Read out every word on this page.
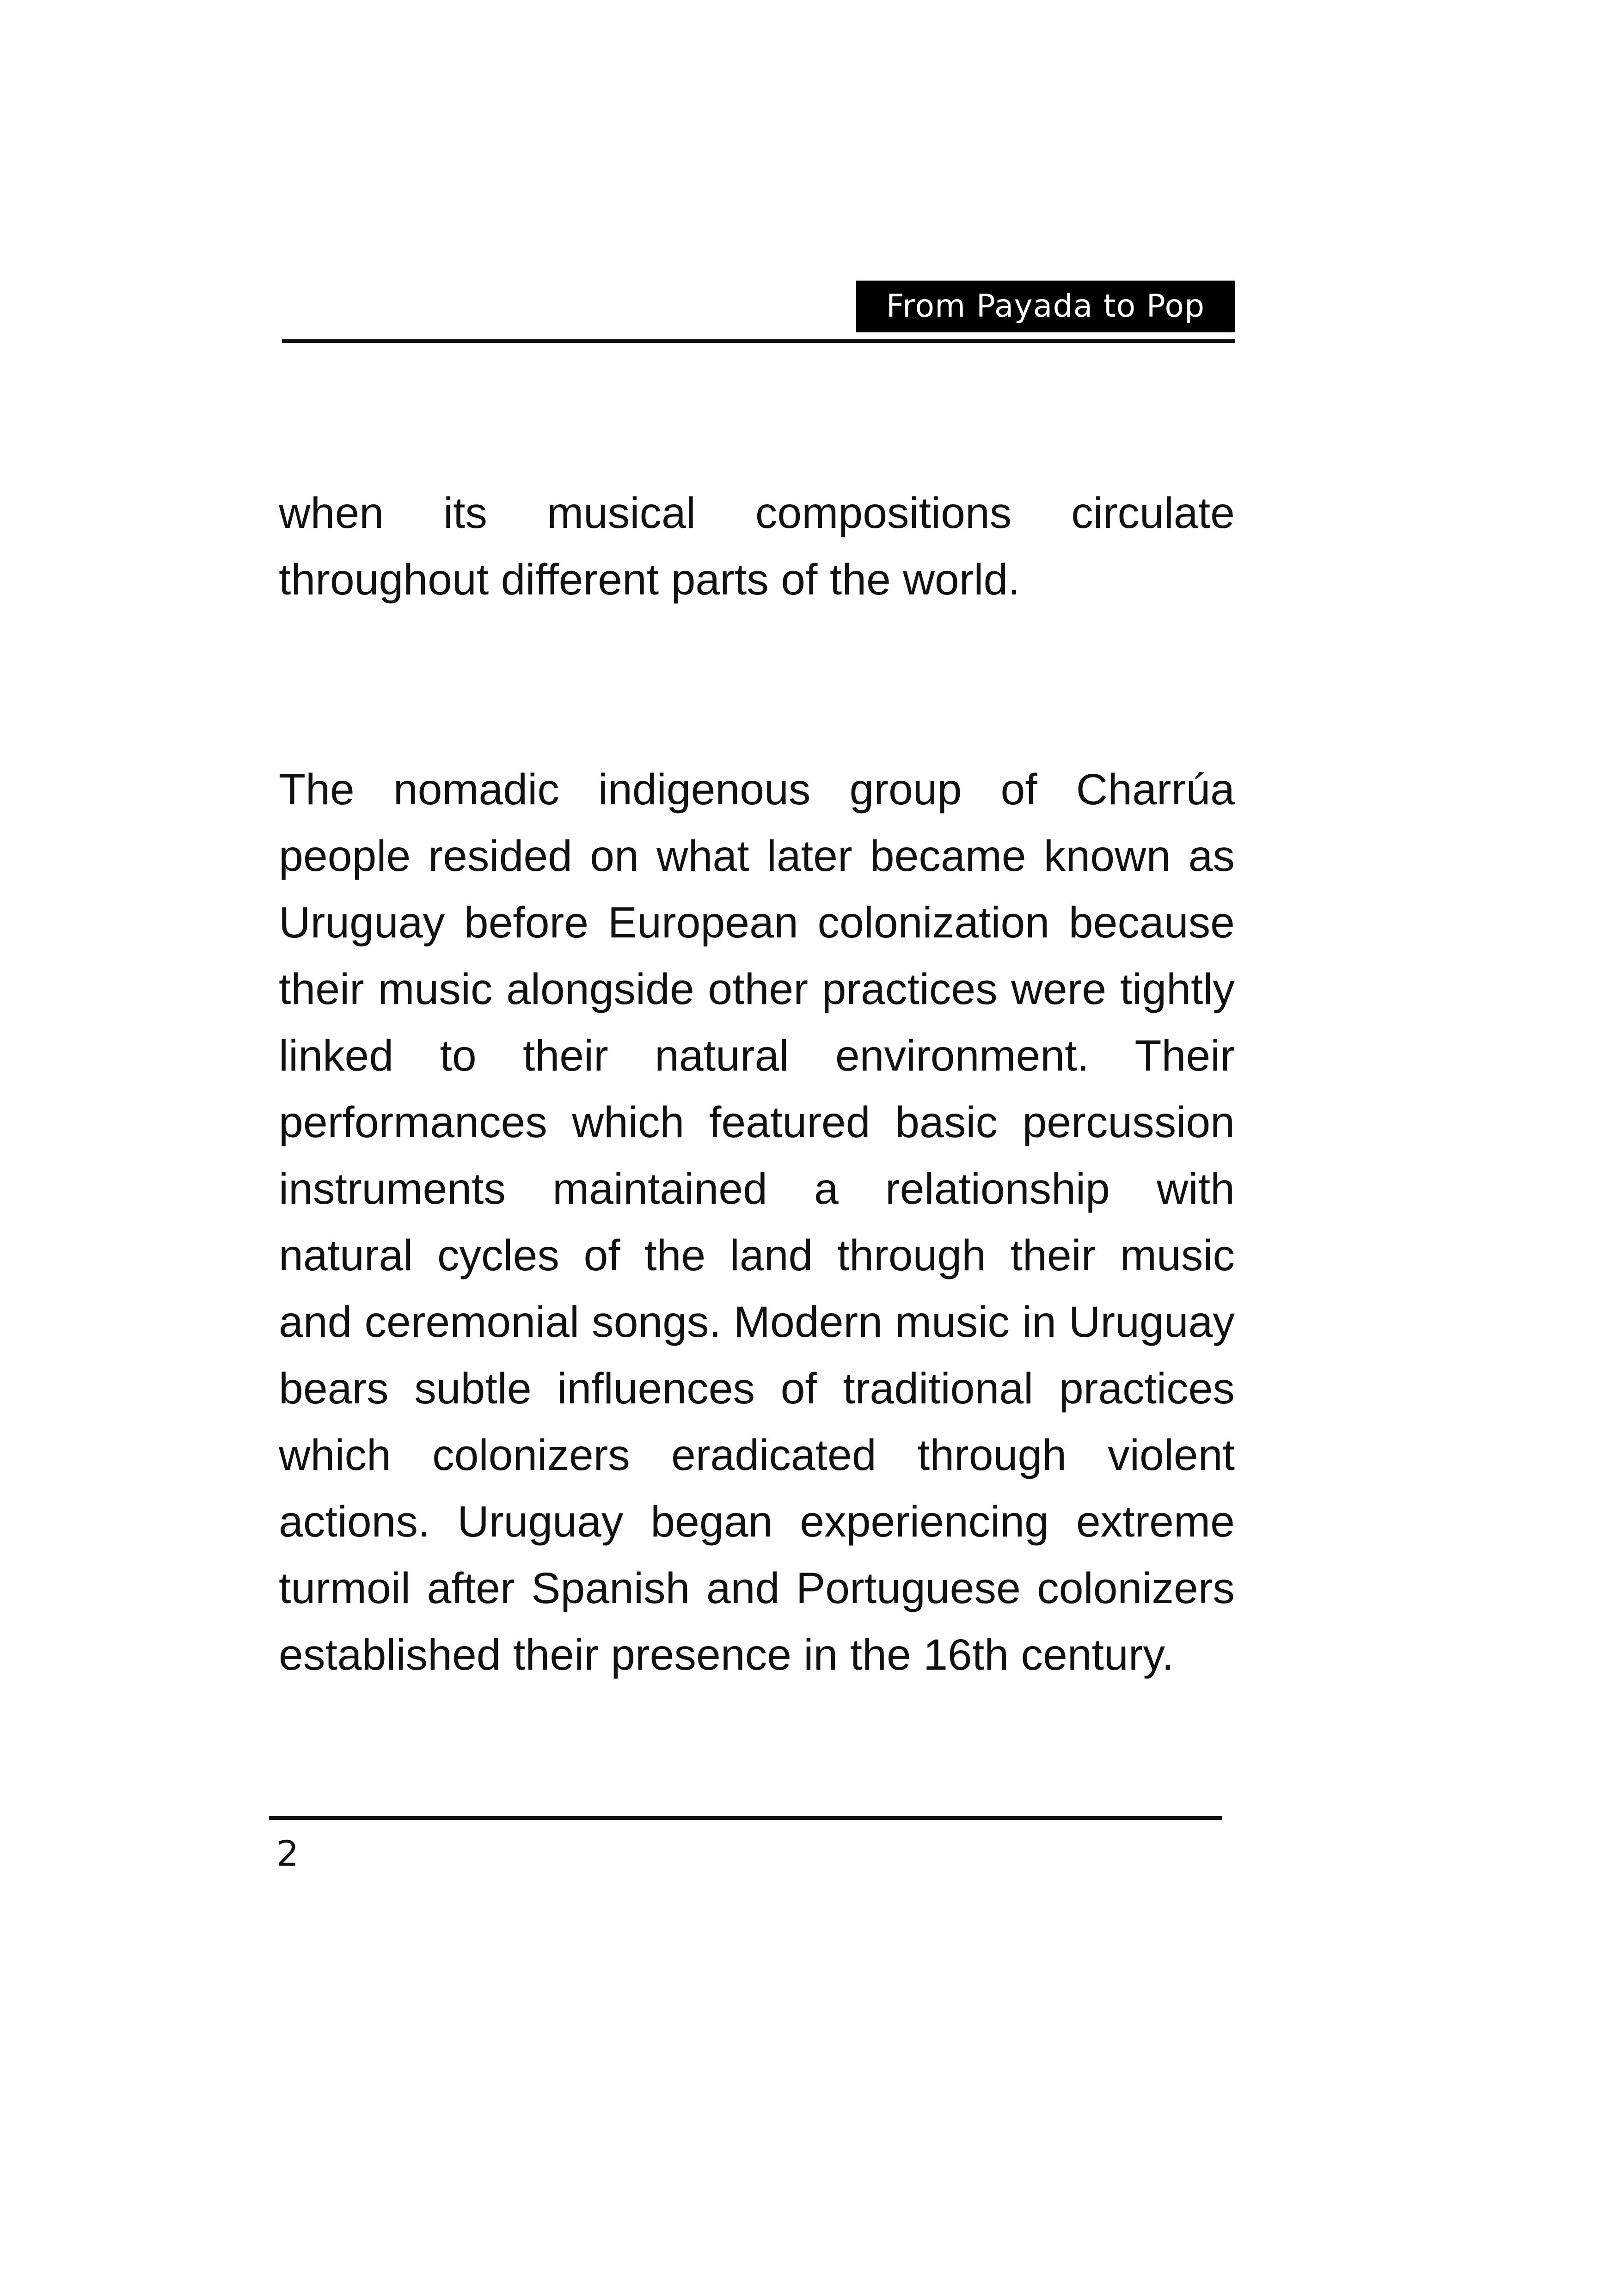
From Payada to Pop

when its musical compositions circulate throughout different parts of the world.

The nomadic indigenous group of Charrúa people resided on what later became known as Uruguay before European colonization because their music alongside other practices were tightly linked to their natural environment. Their performances which featured basic percussion instruments maintained a relationship with natural cycles of the land through their music and ceremonial songs. Modern music in Uruguay bears subtle influences of traditional practices which colonizers eradicated through violent actions. Uruguay began experiencing extreme turmoil after Spanish and Portuguese colonizers established their presence in the 16th century.

2
